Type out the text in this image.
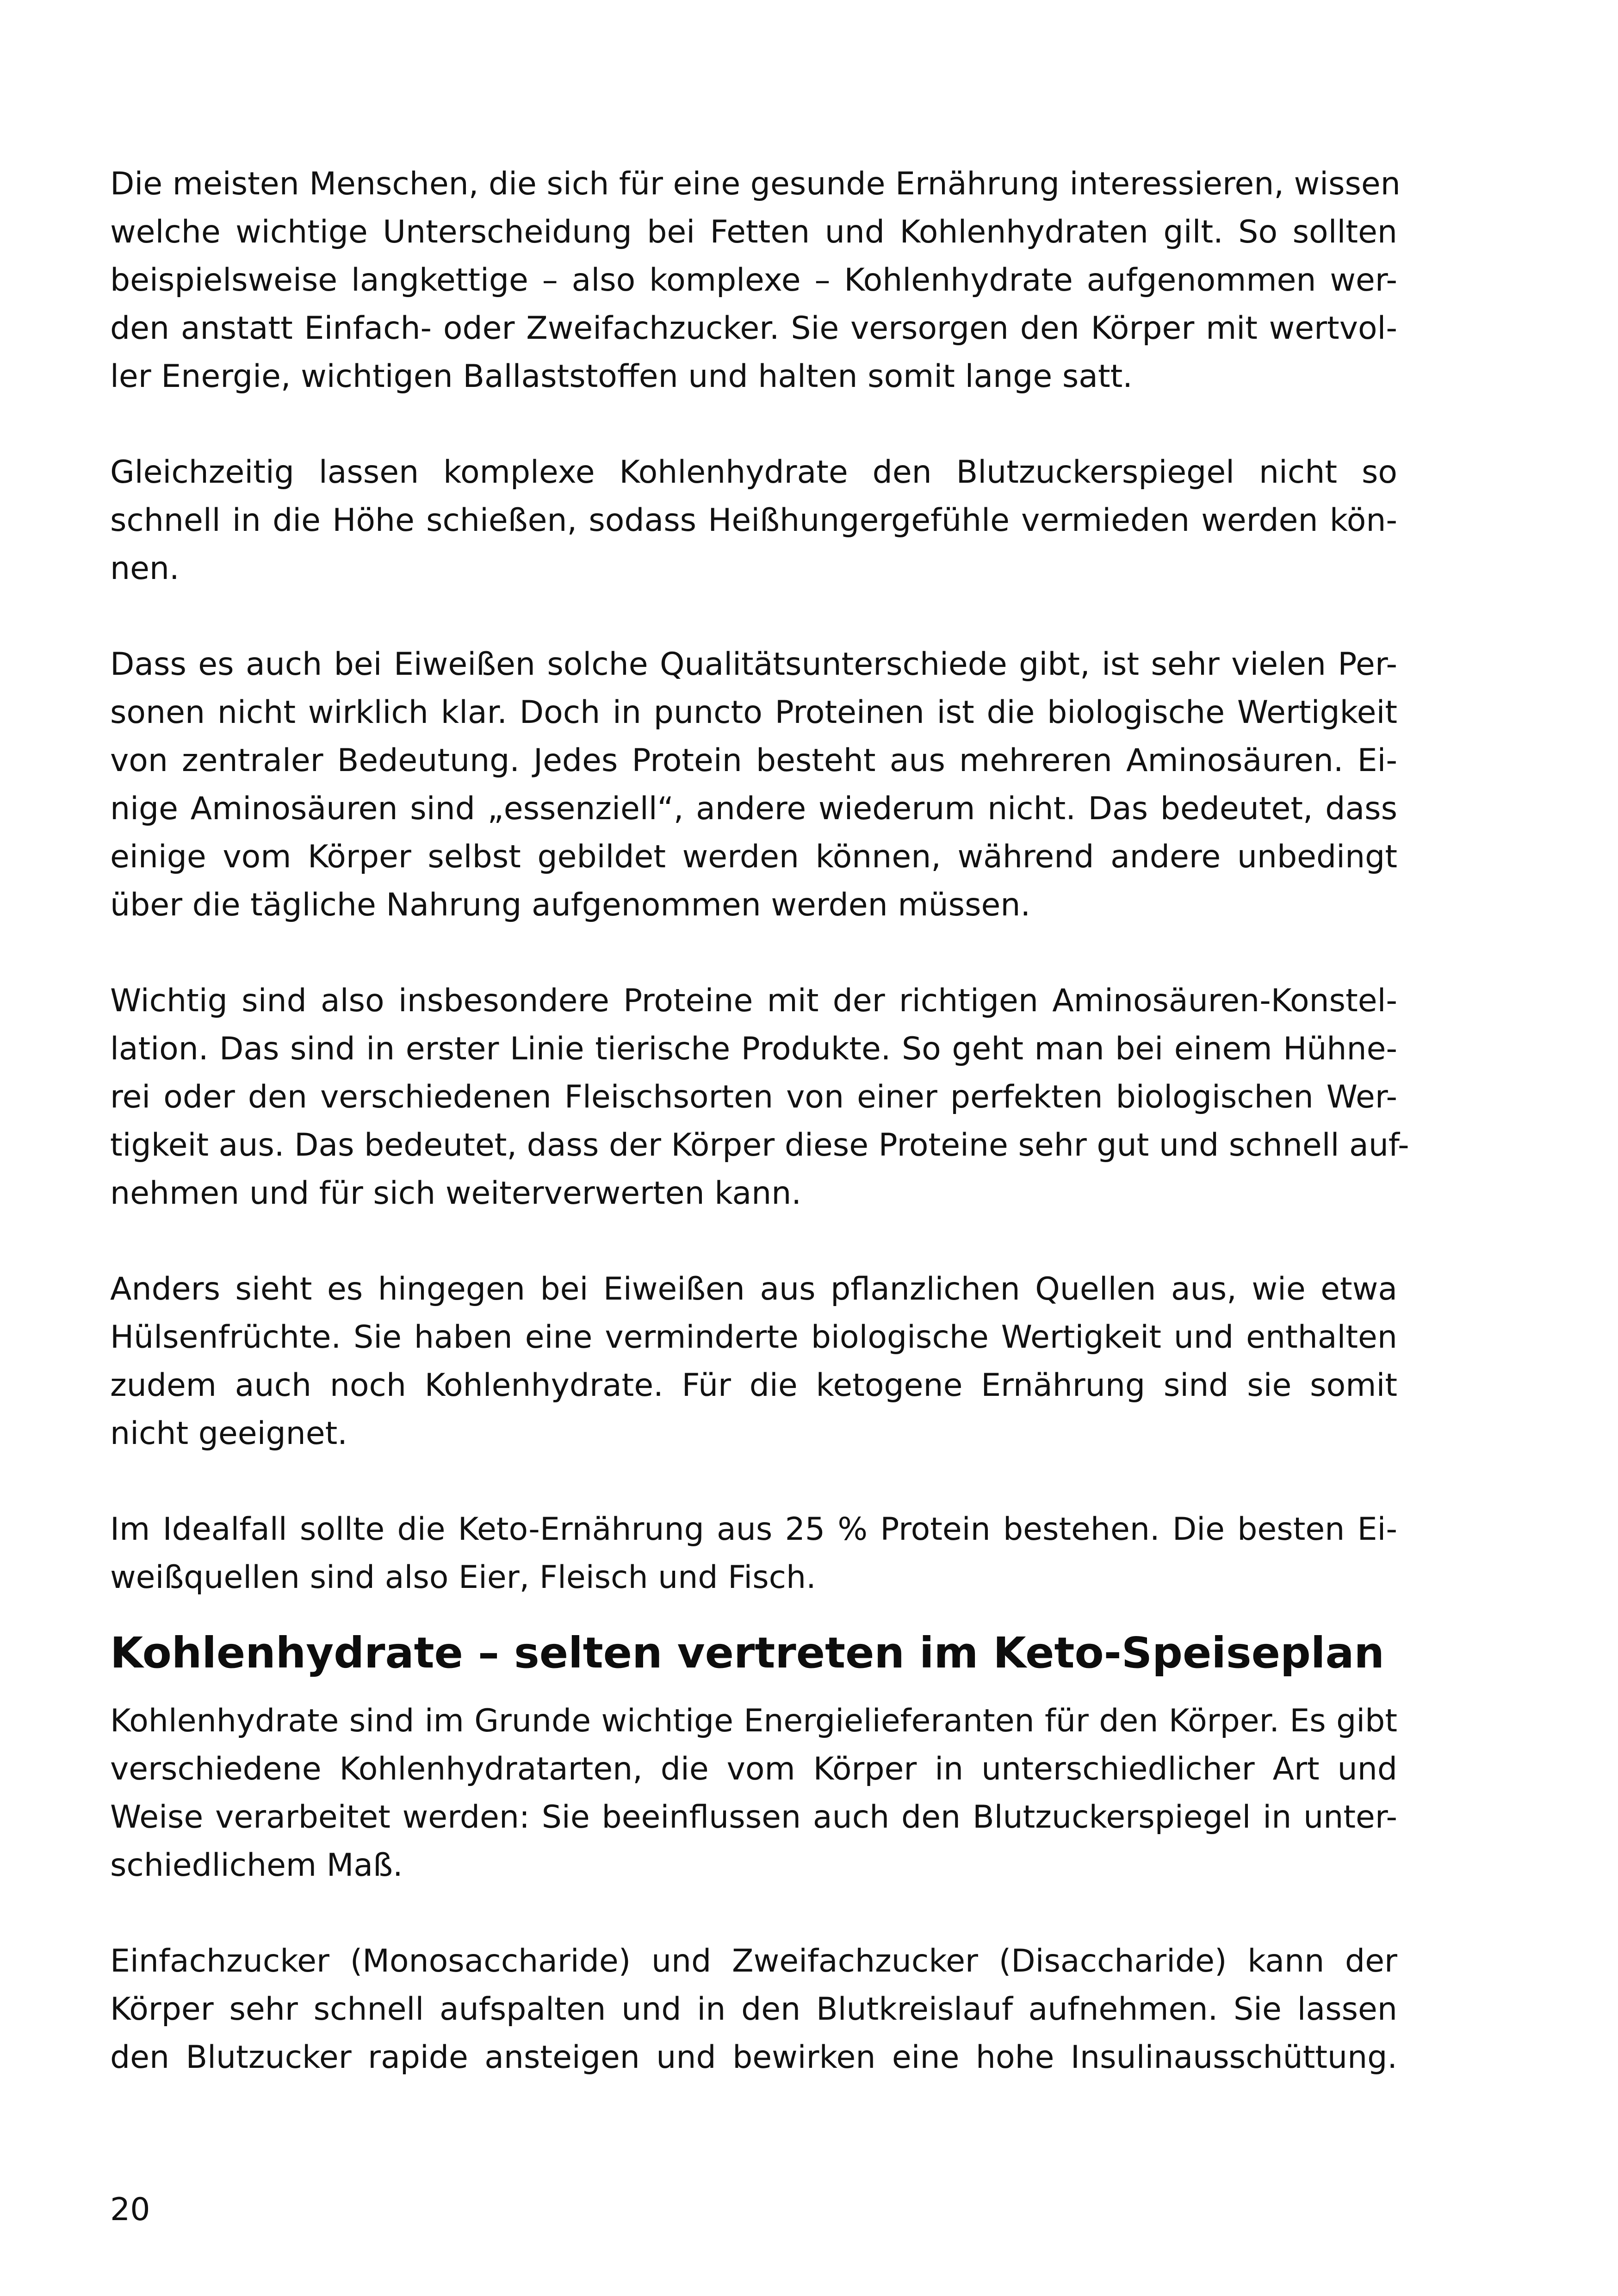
Die meisten Menschen, die sich für eine gesunde Ernährung interessieren, wissen
welche wichtige Unterscheidung bei Fetten und Kohlenhydraten gilt. So sollten
beispielsweise langkettige – also komplexe – Kohlenhydrate aufgenommen wer-
den anstatt Einfach- oder Zweifachzucker. Sie versorgen den Körper mit wertvol-
ler Energie, wichtigen Ballaststoffen und halten somit lange satt.
Gleichzeitig lassen komplexe Kohlenhydrate den Blutzuckerspiegel nicht so
schnell in die Höhe schießen, sodass Heißhungergefühle vermieden werden kön-
nen.
Dass es auch bei Eiweißen solche Qualitätsunterschiede gibt, ist sehr vielen Per-
sonen nicht wirklich klar. Doch in puncto Proteinen ist die biologische Wertigkeit
von zentraler Bedeutung. Jedes Protein besteht aus mehreren Aminosäuren. Ei-
nige Aminosäuren sind „essenziell“, andere wiederum nicht. Das bedeutet, dass
einige vom Körper selbst gebildet werden können, während andere unbedingt
über die tägliche Nahrung aufgenommen werden müssen.
Wichtig sind also insbesondere Proteine mit der richtigen Aminosäuren-Konstel-
lation. Das sind in erster Linie tierische Produkte. So geht man bei einem Hühne-
rei oder den verschiedenen Fleischsorten von einer perfekten biologischen Wer-
tigkeit aus. Das bedeutet, dass der Körper diese Proteine sehr gut und schnell auf-
nehmen und für sich weiterverwerten kann.
Anders sieht es hingegen bei Eiweißen aus pflanzlichen Quellen aus, wie etwa
Hülsenfrüchte. Sie haben eine verminderte biologische Wertigkeit und enthalten
zudem auch noch Kohlenhydrate. Für die ketogene Ernährung sind sie somit
nicht geeignet.
Im Idealfall sollte die Keto-Ernährung aus 25 % Protein bestehen. Die besten Ei-
weißquellen sind also Eier, Fleisch und Fisch.
Kohlenhydrate – selten vertreten im Keto-Speiseplan
Kohlenhydrate sind im Grunde wichtige Energielieferanten für den Körper. Es gibt
verschiedene Kohlenhydratarten, die vom Körper in unterschiedlicher Art und
Weise verarbeitet werden: Sie beeinflussen auch den Blutzuckerspiegel in unter-
schiedlichem Maß.
Einfachzucker (Monosaccharide) und Zweifachzucker (Disaccharide) kann der
Körper sehr schnell aufspalten und in den Blutkreislauf aufnehmen. Sie lassen
den Blutzucker rapide ansteigen und bewirken eine hohe Insulinausschüttung.
20
